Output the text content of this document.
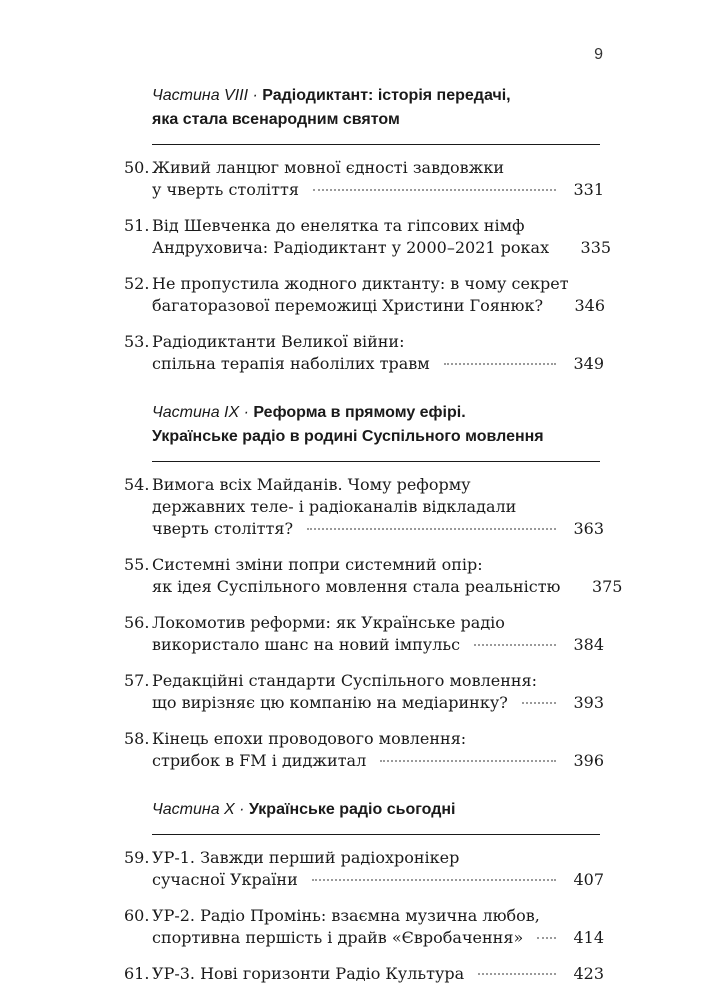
9
Частина VIII · Радіодиктант: історія передачі,
яка стала всенародним святом
50. Живий ланцюг мовної єдності завдовжки
у чверть століття	331
51. Від Шевченка до енелятка та гіпсових німф
Андруховича: Радіодиктант у 2000–2021 роках 335
52. Не пропустила жодного диктанту: в чому секрет
багаторазової переможиці Христини Гоянюк? 346
53. Радіодиктанти Великої війни:
спільна терапія наболілих травм	349
Частина IX · Реформа в прямому ефірі.
Українське радіо в родині Суспільного мовлення
54. Вимога всіх Майданів. Чому реформу
державних теле- і радіоканалів відкладали
чверть століття?	363
55. Системні зміни попри системний опір:
як ідея Суспільного мовлення стала реальністю 375
56. Локомотив реформи: як Українське радіо
використало шанс на новий імпульс	384
57. Редакційні стандарти Суспільного мовлення:
що вирізняє цю компанію на медіаринку?	393
58. Кінець епохи проводового мовлення:
стрибок в FM і диджитал	396
Частина X · Українське радіо сьогодні
59. УР-1. Завжди перший радіохронікер
сучасної України	407
60. УР-2. Радіо Промінь: взаємна музична любов,
спортивна першість і драйв «Євробачення»	414
61. УР-3. Нові горизонти Радіо Культура	423
